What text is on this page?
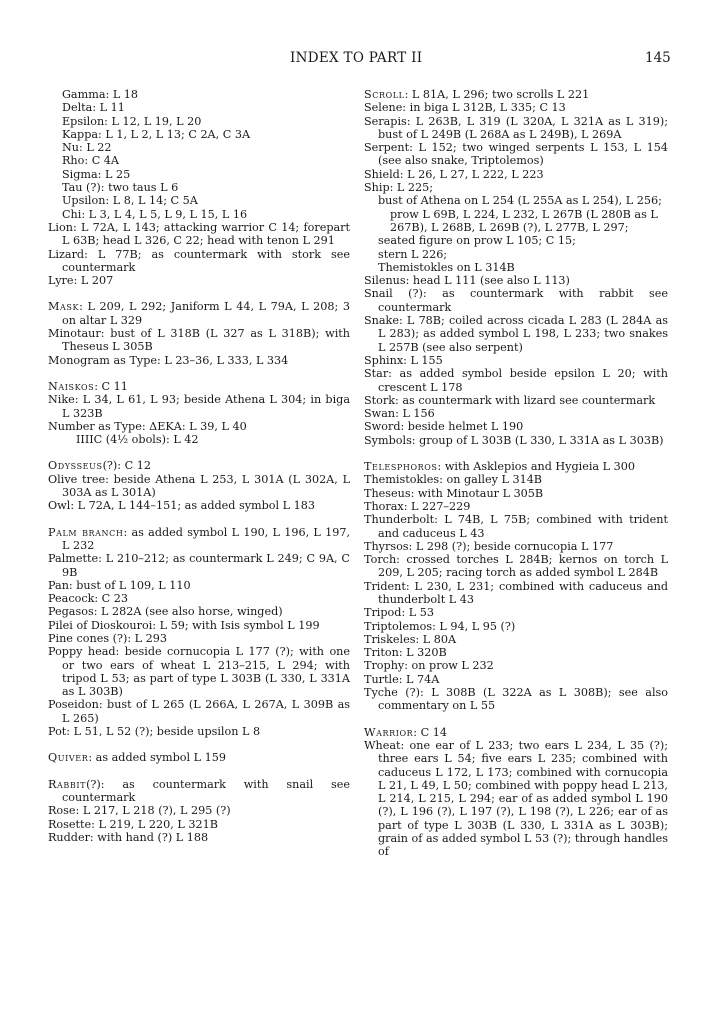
INDEX TO PART II	145
Gamma: L 18
Delta: L 11
Epsilon: L 12, L 19, L 20
Kappa: L 1, L 2, L 13; C 2A, C 3A
Nu: L 22
Rho: C 4A
Sigma: L 25
Tau (?): two taus L 6
Upsilon: L 8, L 14; C 5A
Chi: L 3, L 4, L 5, L 9, L 15, L 16
Lion: L 72A, L 143; attacking warrior C 14; forepart L 63B; head L 326, C 22; head with tenon L 291
Lizard: L 77B; as countermark with stork see countermark
Lyre: L 207
Mask: L 209, L 292; Janiform L 44, L 79A, L 208; 3 on altar L 329
Minotaur: bust of L 318B (L 327 as L 318B); with Theseus L 305B
Monogram as Type: L 23–36, L 333, L 334
Naiskos: C 11
Nike: L 34, L 61, L 93; beside Athena L 304; in biga L 323B
Number as Type: ΔΕΚΑ: L 39, L 40
IIIIC (4½ obols): L 42
Odysseus(?): C 12
Olive tree: beside Athena L 253, L 301A (L 302A, L 303A as L 301A)
Owl: L 72A, L 144–151; as added symbol L 183
Palm branch: as added symbol L 190, L 196, L 197, L 232
Palmette: L 210–212; as countermark L 249; C 9A, C 9B
Pan: bust of L 109, L 110
Peacock: C 23
Pegasos: L 282A (see also horse, winged)
Pilei of Dioskouroi: L 59; with Isis symbol L 199
Pine cones (?): L 293
Poppy head: beside cornucopia L 177 (?); with one or two ears of wheat L 213–215, L 294; with tripod L 53; as part of type L 303B (L 330, L 331A as L 303B)
Poseidon: bust of L 265 (L 266A, L 267A, L 309B as L 265)
Pot: L 51, L 52 (?); beside upsilon L 8
Quiver: as added symbol L 159
Rabbit(?): as countermark with snail see countermark
Rose: L 217, L 218 (?), L 295 (?)
Rosette: L 219, L 220, L 321B
Rudder: with hand (?) L 188
Scroll: L 81A, L 296; two scrolls L 221
Selene: in biga L 312B, L 335; C 13
Serapis: L 263B, L 319 (L 320A, L 321A as L 319); bust of L 249B (L 268A as L 249B), L 269A
Serpent: L 152; two winged serpents L 153, L 154 (see also snake, Triptolemos)
Shield: L 26, L 27, L 222, L 223
Ship: L 225;
bust of Athena on L 254 (L 255A as L 254), L 256; prow L 69B, L 224, L 232, L 267B (L 280B as L 267B), L 268B, L 269B (?), L 277B, L 297;
seated figure on prow L 105; C 15;
stern L 226;
Themistokles on L 314B
Silenus: head L 111 (see also L 113)
Snail (?): as countermark with rabbit see countermark
Snake: L 78B; coiled across cicada L 283 (L 284A as L 283); as added symbol L 198, L 233; two snakes L 257B (see also serpent)
Sphinx: L 155
Star: as added symbol beside epsilon L 20; with crescent L 178
Stork: as countermark with lizard see countermark
Swan: L 156
Sword: beside helmet L 190
Symbols: group of L 303B (L 330, L 331A as L 303B)
Telesphoros: with Asklepios and Hygieia L 300
Themistokles: on galley L 314B
Theseus: with Minotaur L 305B
Thorax: L 227–229
Thunderbolt: L 74B, L 75B; combined with trident and caduceus L 43
Thyrsos: L 298 (?); beside cornucopia L 177
Torch: crossed torches L 284B; kernos on torch L 209, L 205; racing torch as added symbol L 284B
Trident: L 230, L 231; combined with caduceus and thunderbolt L 43
Tripod: L 53
Triptolemos: L 94, L 95 (?)
Triskeles: L 80A
Triton: L 320B
Trophy: on prow L 232
Turtle: L 74A
Tyche (?): L 308B (L 322A as L 308B); see also commentary on L 55
Warrior: C 14
Wheat: one ear of L 233; two ears L 234, L 35 (?); three ears L 54; five ears L 235; combined with caduceus L 172, L 173; combined with cornucopia L 21, L 49, L 50; combined with poppy head L 213, L 214, L 215, L 294; ear of as added symbol L 190 (?), L 196 (?), L 197 (?), L 198 (?), L 226; ear of as part of type L 303B (L 330, L 331A as L 303B); grain of as added symbol L 53 (?); through handles of
